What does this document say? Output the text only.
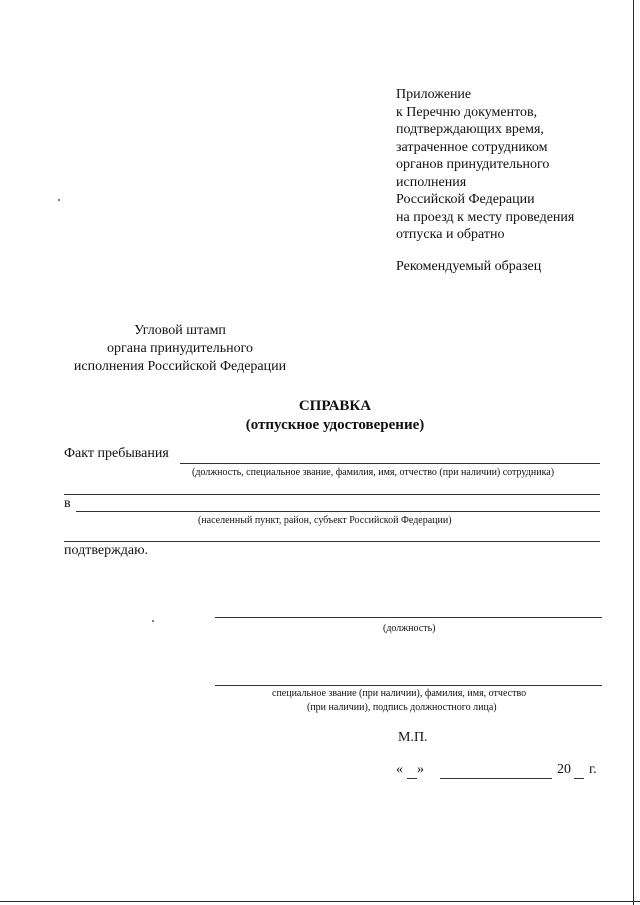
Приложение
к Перечню документов,
подтверждающих время,
затраченное сотрудником
органов принудительного
исполнения
Российской Федерации
на проезд к месту проведения
отпуска и обратно
Рекомендуемый образец
Угловой штамп
органа принудительного
исполнения Российской Федерации
СПРАВКА
(отпускное удостоверение)
Факт пребывания
(должность, специальное звание, фамилия, имя, отчество (при наличии) сотрудника)
в
(населенный пункт, район, субъект Российской Федерации)
подтверждаю.
(должность)
специальное звание (при наличии), фамилия, имя, отчество
(при наличии), подпись должностного лица)
М.П.
« »	20 г.
